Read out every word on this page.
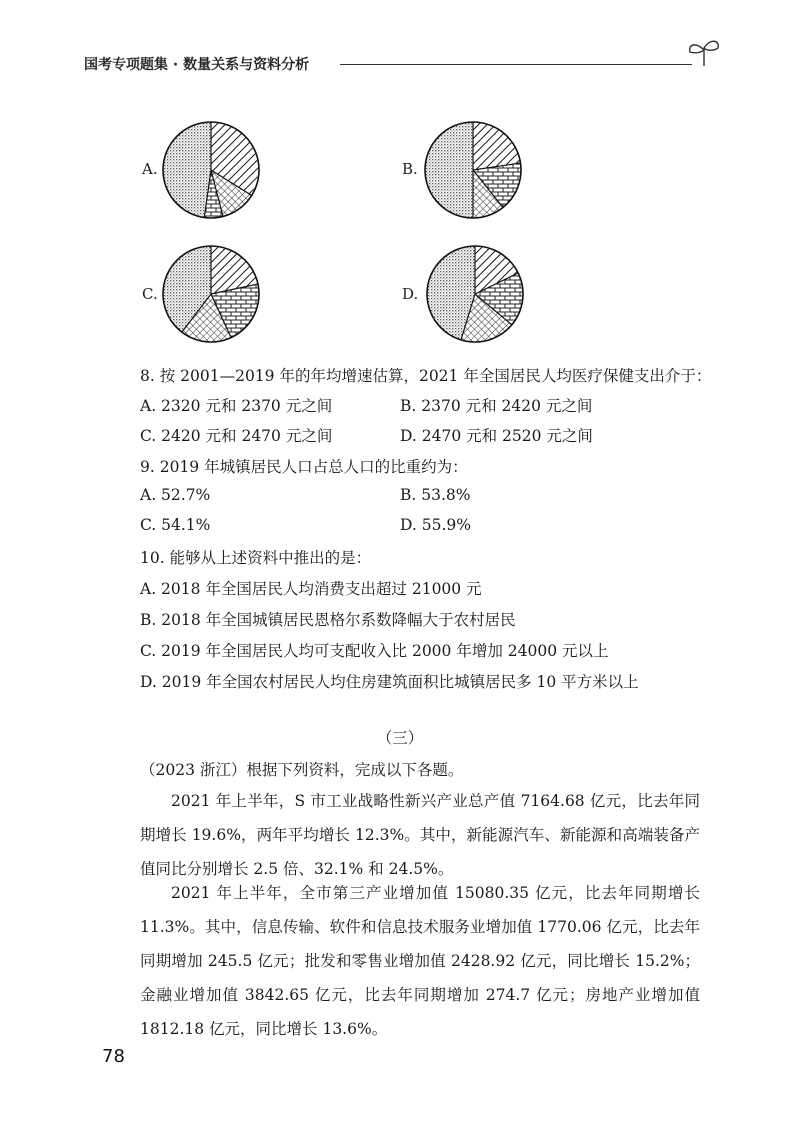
国考专项题集 · 数量关系与资料分析
A.	B.
C.	D.
8. 按 2001—2019 年的年均增速估算，2021 年全国居民人均医疗保健支出介于：
A. 2320 元和 2370 元之间	B. 2370 元和 2420 元之间
C. 2420 元和 2470 元之间	D. 2470 元和 2520 元之间
9. 2019 年城镇居民人口占总人口的比重约为：
A. 52.7%	B. 53.8%
C. 54.1%	D. 55.9%
10. 能够从上述资料中推出的是：
A. 2018 年全国居民人均消费支出超过 21000 元
B. 2018 年全国城镇居民恩格尔系数降幅大于农村居民
C. 2019 年全国居民人均可支配收入比 2000 年增加 24000 元以上
D. 2019 年全国农村居民人均住房建筑面积比城镇居民多 10 平方米以上
（三）
（2023 浙江）根据下列资料，完成以下各题。
2021 年上半年，S 市工业战略性新兴产业总产值 7164.68 亿元，比去年同期增长 19.6%，两年平均增长 12.3%。其中，新能源汽车、新能源和高端装备产值同比分别增长 2.5 倍、32.1% 和 24.5%。
2021 年上半年，全市第三产业增加值 15080.35 亿元，比去年同期增长 11.3%。其中，信息传输、软件和信息技术服务业增加值 1770.06 亿元，比去年同期增加 245.5 亿元；批发和零售业增加值 2428.92 亿元，同比增长 15.2%；金融业增加值 3842.65 亿元，比去年同期增加 274.7 亿元；房地产业增加值 1812.18 亿元，同比增长 13.6%。
78
